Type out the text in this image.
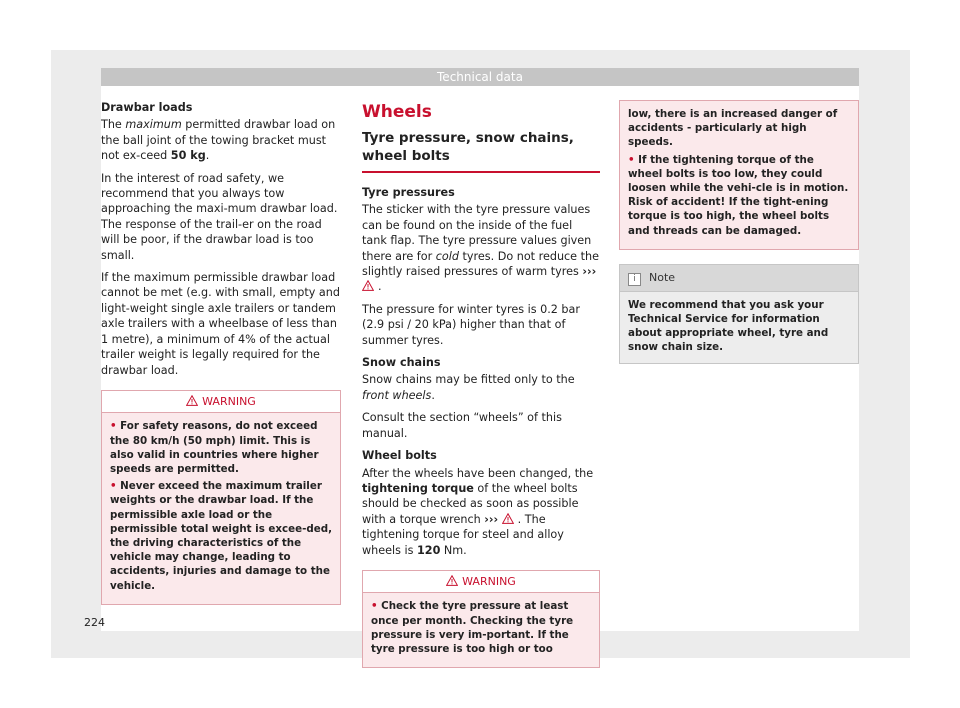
Technical data

Drawbar loads

The maximum permitted drawbar load on the ball joint of the towing bracket must not ex-ceed 50 kg.

In the interest of road safety, we recommend that you always tow approaching the maxi-mum drawbar load. The response of the trail-er on the road will be poor, if the drawbar load is too small.

If the maximum permissible drawbar load cannot be met (e.g. with small, empty and light-weight single axle trailers or tandem axle trailers with a wheelbase of less than 1 metre), a minimum of 4% of the actual trailer weight is legally required for the drawbar load.

WARNING
• For safety reasons, do not exceed the 80 km/h (50 mph) limit. This is also valid in countries where higher speeds are permitted.
• Never exceed the maximum trailer weights or the drawbar load. If the permissible axle load or the permissible total weight is excee-ded, the driving characteristics of the vehicle may change, leading to accidents, injuries and damage to the vehicle.
Wheels
Tyre pressure, snow chains, wheel bolts

Tyre pressures

The sticker with the tyre pressure values can be found on the inside of the fuel tank flap. The tyre pressure values given there are for cold tyres. Do not reduce the slightly raised pressures of warm tyres ››› .

The pressure for winter tyres is 0.2 bar (2.9 psi / 20 kPa) higher than that of summer tyres.

Snow chains

Snow chains may be fitted only to the front wheels.

Consult the section “wheels” of this manual.

Wheel bolts

After the wheels have been changed, the tightening torque of the wheel bolts should be checked as soon as possible with a torque wrench ››› . The tightening torque for steel and alloy wheels is 120 Nm.

WARNING
• Check the tyre pressure at least once per month. Checking the tyre pressure is very im-portant. If the tyre pressure is too high or too
low, there is an increased danger of accidents - particularly at high speeds.
• If the tightening torque of the wheel bolts is too low, they could loosen while the vehi-cle is in motion. Risk of accident! If the tight-ening torque is too high, the wheel bolts and threads can be damaged.
i Note
We recommend that you ask your Technical Service for information about appropriate wheel, tyre and snow chain size.
224
